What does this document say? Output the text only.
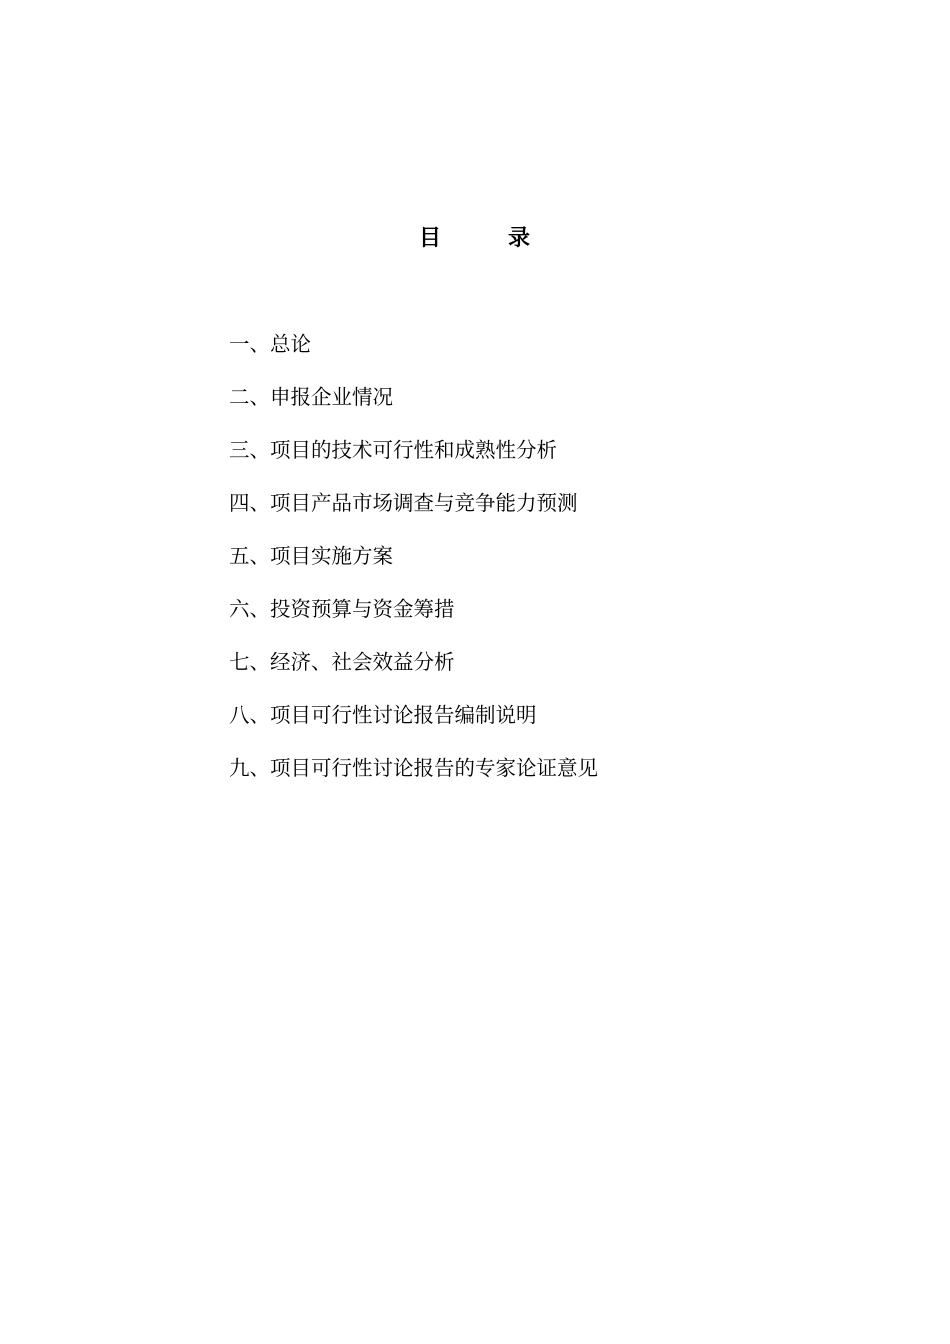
目	录
一、总论
二、申报企业情况
三、项目的技术可行性和成熟性分析
四、项目产品市场调查与竞争能力预测
五、项目实施方案
六、投资预算与资金筹措
七、经济、社会效益分析
八、项目可行性讨论报告编制说明
九、项目可行性讨论报告的专家论证意见
